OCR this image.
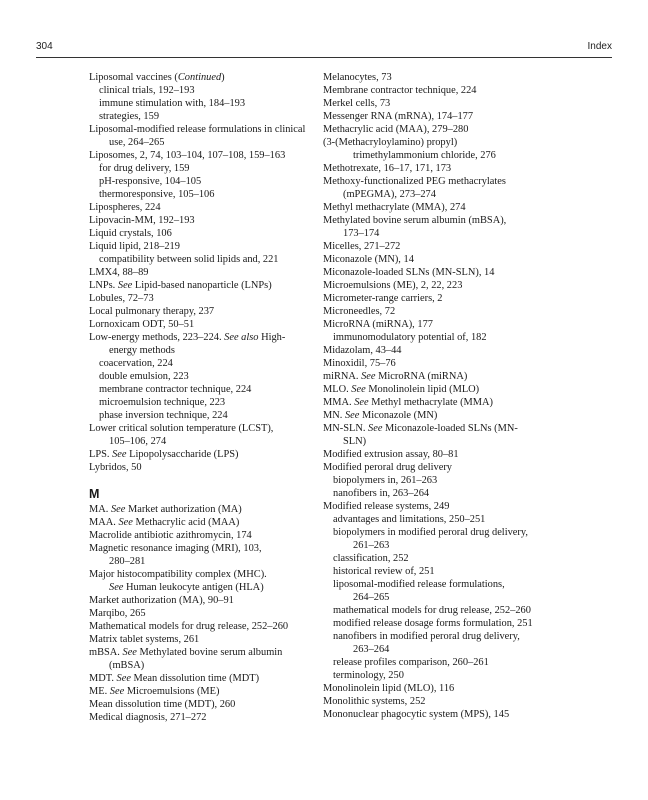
304	Index
Liposomal vaccines (Continued)
clinical trials, 192–193
immune stimulation with, 184–193
strategies, 159
Liposomal-modified release formulations in clinical
use, 264–265
Liposomes, 2, 74, 103–104, 107–108, 159–163
for drug delivery, 159
pH-responsive, 104–105
thermoresponsive, 105–106
Lipospheres, 224
Lipovacin-MM, 192–193
Liquid crystals, 106
Liquid lipid, 218–219
compatibility between solid lipids and, 221
LMX4, 88–89
LNPs. See Lipid-based nanoparticle (LNPs)
Lobules, 72–73
Local pulmonary therapy, 237
Lornoxicam ODT, 50–51
Low-energy methods, 223–224. See also High-
energy methods
coacervation, 224
double emulsion, 223
membrane contractor technique, 224
microemulsion technique, 223
phase inversion technique, 224
Lower critical solution temperature (LCST),
105–106, 274
LPS. See Lipopolysaccharide (LPS)
Lybridos, 50
M
MA. See Market authorization (MA)
MAA. See Methacrylic acid (MAA)
Macrolide antibiotic azithromycin, 174
Magnetic resonance imaging (MRI), 103,
280–281
Major histocompatibility complex (MHC).
See Human leukocyte antigen (HLA)
Market authorization (MA), 90–91
Marqibo, 265
Mathematical models for drug release, 252–260
Matrix tablet systems, 261
mBSA. See Methylated bovine serum albumin
(mBSA)
MDT. See Mean dissolution time (MDT)
ME. See Microemulsions (ME)
Mean dissolution time (MDT), 260
Medical diagnosis, 271–272
Melanocytes, 73
Membrane contractor technique, 224
Merkel cells, 73
Messenger RNA (mRNA), 174–177
Methacrylic acid (MAA), 279–280
(3-(Methacryloylamino) propyl)
trimethylammonium chloride, 276
Methotrexate, 16–17, 171, 173
Methoxy-functionalized PEG methacrylates
(mPEGMA), 273–274
Methyl methacrylate (MMA), 274
Methylated bovine serum albumin (mBSA),
173–174
Micelles, 271–272
Miconazole (MN), 14
Miconazole-loaded SLNs (MN-SLN), 14
Microemulsions (ME), 2, 22, 223
Micrometer-range carriers, 2
Microneedles, 72
MicroRNA (miRNA), 177
immunomodulatory potential of, 182
Midazolam, 43–44
Minoxidil, 75–76
miRNA. See MicroRNA (miRNA)
MLO. See Monolinolein lipid (MLO)
MMA. See Methyl methacrylate (MMA)
MN. See Miconazole (MN)
MN-SLN. See Miconazole-loaded SLNs (MN-
SLN)
Modified extrusion assay, 80–81
Modified peroral drug delivery
biopolymers in, 261–263
nanofibers in, 263–264
Modified release systems, 249
advantages and limitations, 250–251
biopolymers in modified peroral drug delivery,
261–263
classification, 252
historical review of, 251
liposomal-modified release formulations,
264–265
mathematical models for drug release, 252–260
modified release dosage forms formulation, 251
nanofibers in modified peroral drug delivery,
263–264
release profiles comparison, 260–261
terminology, 250
Monolinolein lipid (MLO), 116
Monolithic systems, 252
Mononuclear phagocytic system (MPS), 145
